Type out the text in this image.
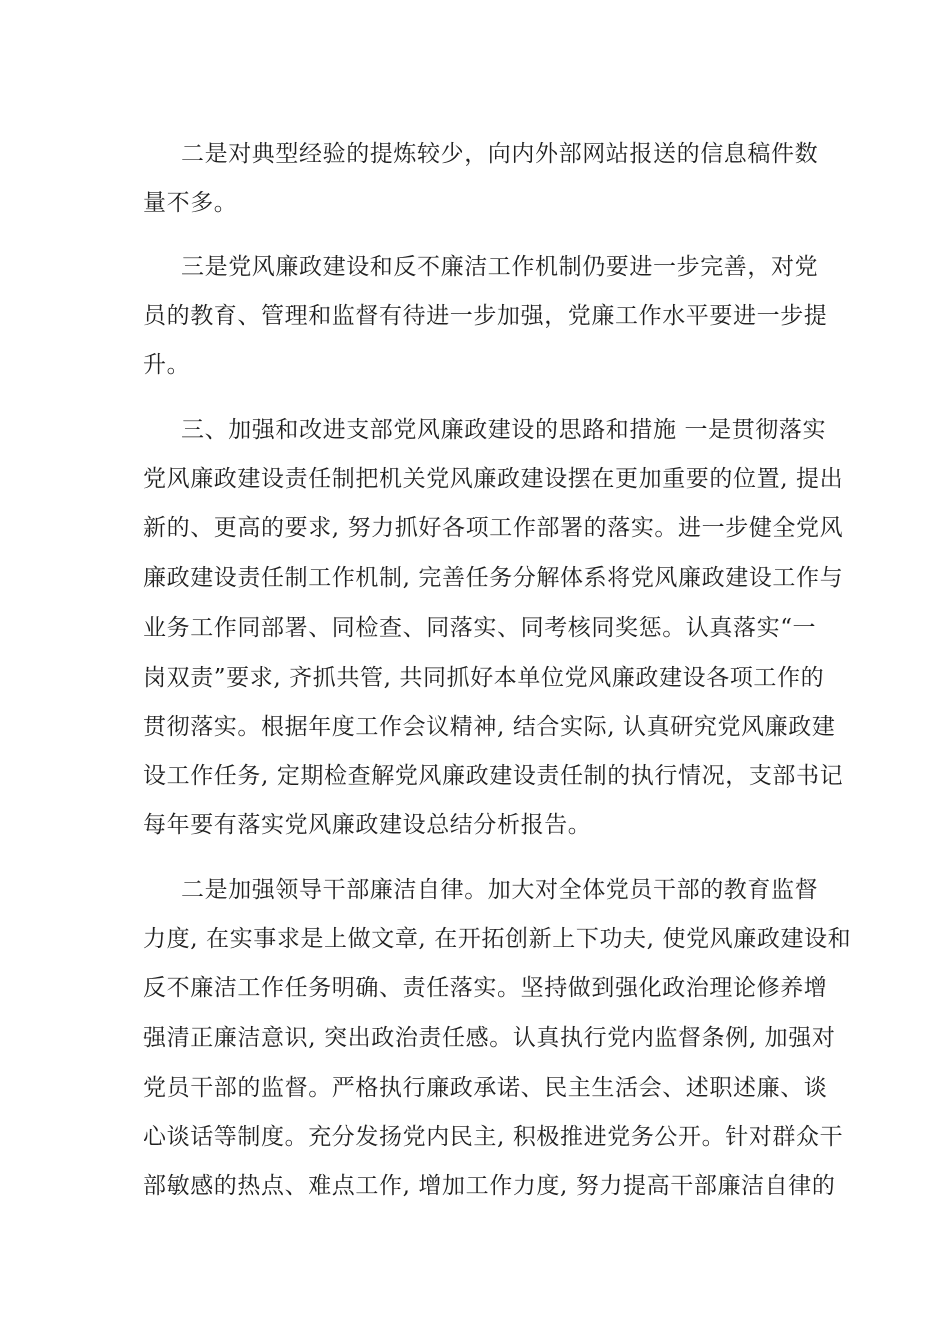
二是对典型经验的提炼较少，向内外部网站报送的信息稿件数
量不多。
三是党风廉政建设和反不廉洁工作机制仍要进一步完善，对党
员的教育、管理和监督有待进一步加强，党廉工作水平要进一步提
升。
三、加强和改进支部党风廉政建设的思路和措施 一是贯彻落实
党风廉政建设责任制把机关党风廉政建设摆在更加重要的位置, 提出
新的、更高的要求, 努力抓好各项工作部署的落实。进一步健全党风
廉政建设责任制工作机制, 完善任务分解体系将党风廉政建设工作与
业务工作同部署、同检查、同落实、同考核同奖惩。认真落实“一
岗双责”要求, 齐抓共管, 共同抓好本单位党风廉政建设各项工作的
贯彻落实。根据年度工作会议精神, 结合实际, 认真研究党风廉政建
设工作任务, 定期检查解党风廉政建设责任制的执行情况，支部书记
每年要有落实党风廉政建设总结分析报告。
二是加强领导干部廉洁自律。加大对全体党员干部的教育监督
力度, 在实事求是上做文章, 在开拓创新上下功夫, 使党风廉政建设和
反不廉洁工作任务明确、责任落实。坚持做到强化政治理论修养增
强清正廉洁意识, 突出政治责任感。认真执行党内监督条例, 加强对
党员干部的监督。严格执行廉政承诺、民主生活会、述职述廉、谈
心谈话等制度。充分发扬党内民主, 积极推进党务公开。针对群众干
部敏感的热点、难点工作, 增加工作力度, 努力提高干部廉洁自律的
